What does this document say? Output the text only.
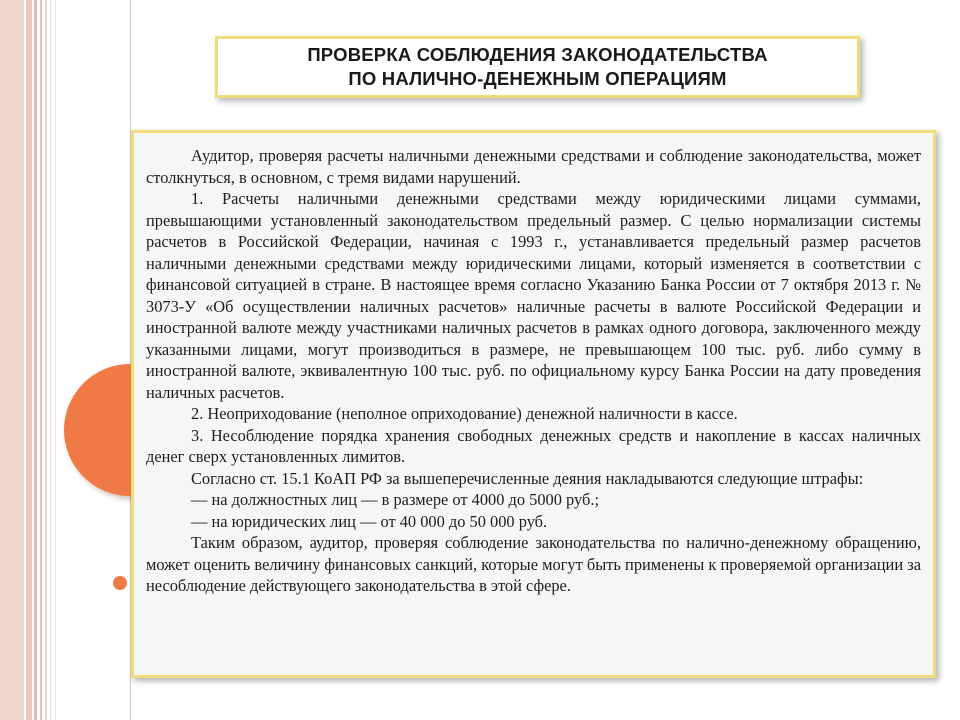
ПРОВЕРКА СОБЛЮДЕНИЯ ЗАКОНОДАТЕЛЬСТВА
ПО НАЛИЧНО-ДЕНЕЖНЫМ ОПЕРАЦИЯМ

Аудитор, проверяя расчеты наличными денежными средствами и соблюдение законодательства, может столкнуться, в основном, с тремя видами нарушений.

1. Расчеты наличными денежными средствами между юридическими лицами суммами, превышающими установленный законодательством предельный размер. С целью нормализации системы расчетов в Российской Федерации, начиная с 1993 г., устанавливается предельный размер расчетов наличными денежными средствами между юридическими лицами, который изменяется в соответствии с финансовой ситуацией в стране. В настоящее время согласно Указанию Банка России от 7 октября 2013 г. № 3073-У «Об осуществлении наличных расчетов» наличные расчеты в валюте Российской Федерации и иностранной валюте между участниками наличных расчетов в рамках одного договора, заключенного между указанными лицами, могут производиться в размере, не превышающем 100 тыс. руб. либо сумму в иностранной валюте, эквивалентную 100 тыс. руб. по официальному курсу Банка России на дату проведения наличных расчетов.

2. Неоприходование (неполное оприходование) денежной наличности в кассе.

3. Несоблюдение порядка хранения свободных денежных средств и накопление в кассах наличных денег сверх установленных лимитов.

Согласно ст. 15.1 КоАП РФ за вышеперечисленные деяния накладываются следующие штрафы:

— на должностных лиц — в размере от 4000 до 5000 руб.;

— на юридических лиц — от 40 000 до 50 000 руб.

Таким образом, аудитор, проверяя соблюдение законодательства по налично-денежному обращению, может оценить величину финансовых санкций, которые могут быть применены к проверяемой организации за несоблюдение действующего законодательства в этой сфере.
